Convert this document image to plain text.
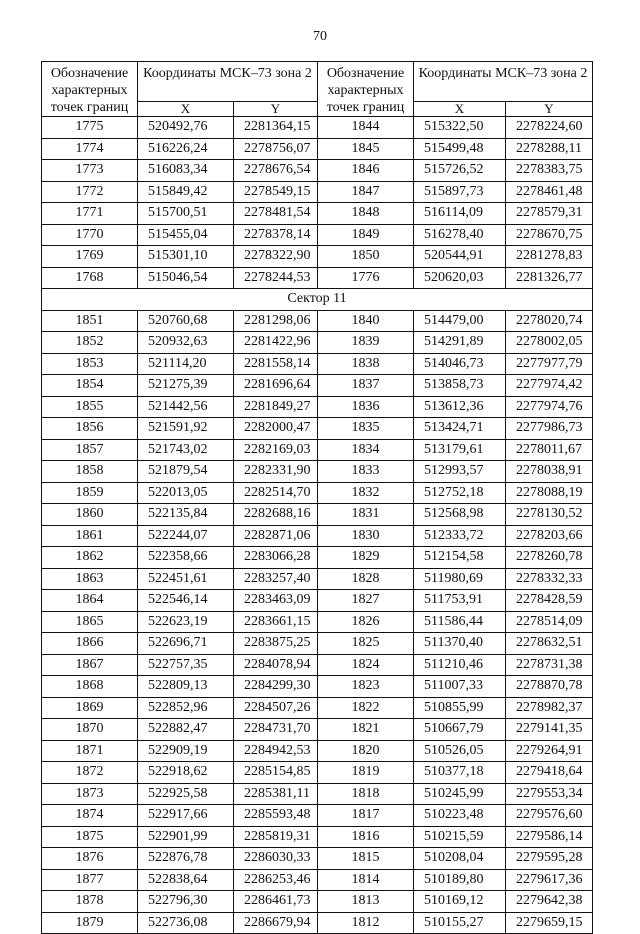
70
Обозначение характерных точек границ	Координаты МСК–73 зона 2		Обозначение характерных точек границ	Координаты МСК–73 зона 2	
	X	Y		X	Y
1775	520492,76	2281364,15	1844	515322,50	2278224,60
1774	516226,24	2278756,07	1845	515499,48	2278288,11
1773	516083,34	2278676,54	1846	515726,52	2278383,75
1772	515849,42	2278549,15	1847	515897,73	2278461,48
1771	515700,51	2278481,54	1848	516114,09	2278579,31
1770	515455,04	2278378,14	1849	516278,40	2278670,75
1769	515301,10	2278322,90	1850	520544,91	2281278,83
1768	515046,54	2278244,53	1776	520620,03	2281326,77
Сектор 11					
1851	520760,68	2281298,06	1840	514479,00	2278020,74
1852	520932,63	2281422,96	1839	514291,89	2278002,05
1853	521114,20	2281558,14	1838	514046,73	2277977,79
1854	521275,39	2281696,64	1837	513858,73	2277974,42
1855	521442,56	2281849,27	1836	513612,36	2277974,76
1856	521591,92	2282000,47	1835	513424,71	2277986,73
1857	521743,02	2282169,03	1834	513179,61	2278011,67
1858	521879,54	2282331,90	1833	512993,57	2278038,91
1859	522013,05	2282514,70	1832	512752,18	2278088,19
1860	522135,84	2282688,16	1831	512568,98	2278130,52
1861	522244,07	2282871,06	1830	512333,72	2278203,66
1862	522358,66	2283066,28	1829	512154,58	2278260,78
1863	522451,61	2283257,40	1828	511980,69	2278332,33
1864	522546,14	2283463,09	1827	511753,91	2278428,59
1865	522623,19	2283661,15	1826	511586,44	2278514,09
1866	522696,71	2283875,25	1825	511370,40	2278632,51
1867	522757,35	2284078,94	1824	511210,46	2278731,38
1868	522809,13	2284299,30	1823	511007,33	2278870,78
1869	522852,96	2284507,26	1822	510855,99	2278982,37
1870	522882,47	2284731,70	1821	510667,79	2279141,35
1871	522909,19	2284942,53	1820	510526,05	2279264,91
1872	522918,62	2285154,85	1819	510377,18	2279418,64
1873	522925,58	2285381,11	1818	510245,99	2279553,34
1874	522917,66	2285593,48	1817	510223,48	2279576,60
1875	522901,99	2285819,31	1816	510215,59	2279586,14
1876	522876,78	2286030,33	1815	510208,04	2279595,28
1877	522838,64	2286253,46	1814	510189,80	2279617,36
1878	522796,30	2286461,73	1813	510169,12	2279642,38
1879	522736,08	2286679,94	1812	510155,27	2279659,15
